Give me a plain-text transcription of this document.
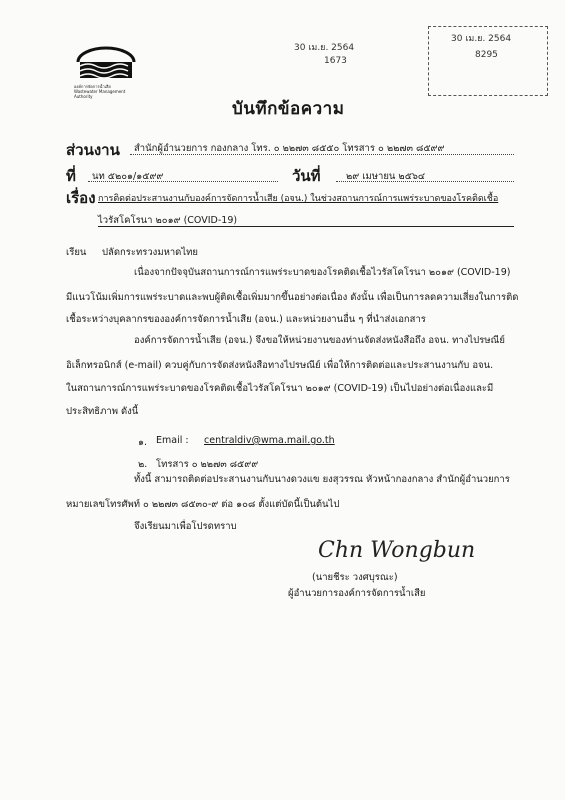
องค์การจัดการน้ำเสีย
Wastewater Management
Authority
30 เม.ย. 2564
1673
30 เม.ย. 2564
8295
บันทึกข้อความ
ส่วนงาน สำนักผู้อำนวยการ กองกลาง โทร. ๐ ๒๒๗๓ ๘๕๕๐ โทรสาร ๐ ๒๒๗๓ ๘๕๙๙
ที่ นท ๕๒๐๑/๑๕๙๙	วันที่	๒๙ เมษายน ๒๕๖๔
เรื่อง การติดต่อประสานงานกับองค์การจัดการน้ำเสีย (อจน.) ในช่วงสถานการณ์การแพร่ระบาดของโรคติดเชื้อ
ไวรัสโคโรนา ๒๐๑๙ (COVID-19)
เรียน ปลัดกระทรวงมหาดไทย
เนื่องจากปัจจุบันสถานการณ์การแพร่ระบาดของโรคติดเชื้อไวรัสโคโรนา ๒๐๑๙ (COVID-19)
มีแนวโน้มเพิ่มการแพร่ระบาดและพบผู้ติดเชื้อเพิ่มมากขึ้นอย่างต่อเนื่อง ดังนั้น เพื่อเป็นการลดความเสี่ยงในการติด
เชื้อระหว่างบุคลากรขององค์การจัดการน้ำเสีย (อจน.) และหน่วยงานอื่น ๆ ที่นำส่งเอกสาร
องค์การจัดการน้ำเสีย (อจน.) จึงขอให้หน่วยงานของท่านจัดส่งหนังสือถึง อจน. ทางไปรษณีย์
อิเล็กทรอนิกส์ (e-mail) ควบคู่กับการจัดส่งหนังสือทางไปรษณีย์ เพื่อให้การติดต่อและประสานงานกับ อจน.
ในสถานการณ์การแพร่ระบาดของโรคติดเชื้อไวรัสโคโรนา ๒๐๑๙ (COVID-19) เป็นไปอย่างต่อเนื่องและมี
ประสิทธิภาพ ดังนี้
๑. Email : centraldiv@wma.mail.go.th
๒. โทรสาร ๐ ๒๒๗๓ ๘๕๙๙
ทั้งนี้ สามารถติดต่อประสานงานกับนางดวงแข ยงสุวรรณ หัวหน้ากองกลาง สำนักผู้อำนวยการ
หมายเลขโทรศัพท์ ๐ ๒๒๗๓ ๘๕๓๐-๙ ต่อ ๑๐๘ ตั้งแต่บัดนี้เป็นต้นไป
จึงเรียนมาเพื่อโปรดทราบ
Chn Wongbun
(นายชีระ วงศบุรณะ)
ผู้อำนวยการองค์การจัดการน้ำเสีย
